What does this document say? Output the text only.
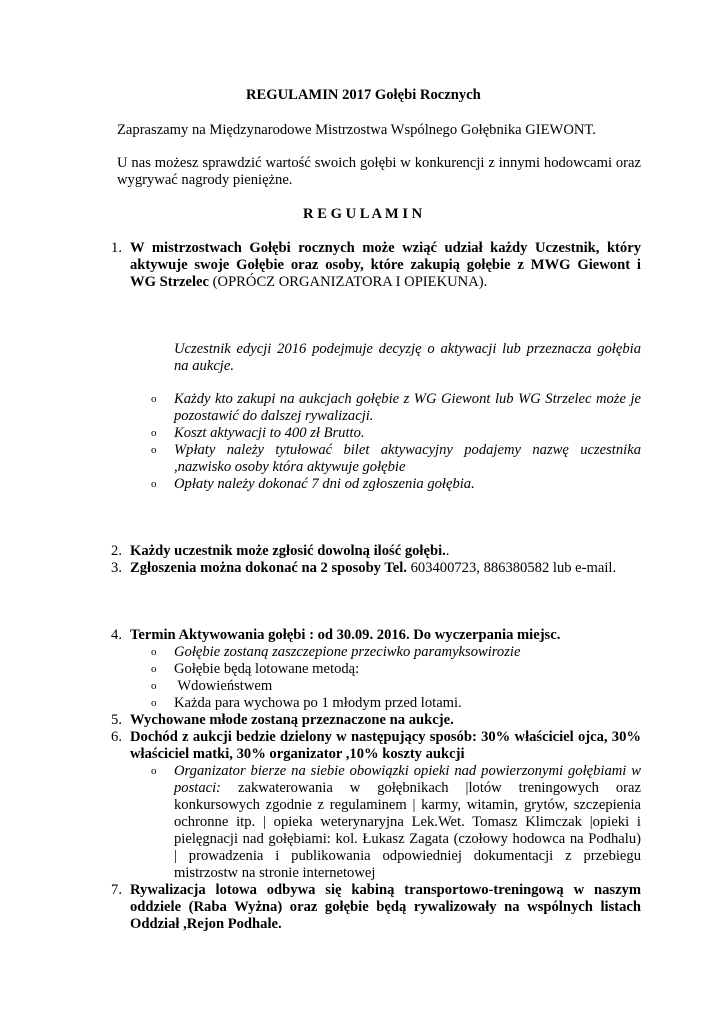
REGULAMIN 2017 Gołębi Rocznych
Zapraszamy na Międzynarodowe Mistrzostwa Wspólnego Gołębnika GIEWONT.
U nas możesz sprawdzić wartość swoich gołębi w konkurencji z innymi hodowcami oraz
wygrywać nagrody pieniężne.
R E G U L A M I N
1. W mistrzostwach Gołębi rocznych może wziąć udział każdy Uczestnik, który
aktywuje swoje Gołębie oraz osoby, które zakupią gołębie z MWG Giewont i
WG Strzelec (OPRÓCZ ORGANIZATORA I OPIEKUNA).
Uczestnik edycji 2016 podejmuje decyzję o aktywacji lub przeznacza gołębia
na aukcje.
o Każdy kto zakupi na aukcjach gołębie z WG Giewont lub WG Strzelec może je
pozostawić do dalszej rywalizacji.
o Koszt aktywacji to 400 zł Brutto.
o Wpłaty należy tytułować bilet aktywacyjny podajemy nazwę uczestnika
,nazwisko osoby która aktywuje gołębie
o Opłaty należy dokonać 7 dni od zgłoszenia gołębia.
2. Każdy uczestnik może zgłosić dowolną ilość gołębi..
3. Zgłoszenia można dokonać na 2 sposoby Tel. 603400723, 886380582 lub e-mail.
4. Termin Aktywowania gołębi : od 30.09. 2016. Do wyczerpania miejsc.
o Gołębie zostaną zaszczepione przeciwko paramyksowirozie
o Gołębie będą lotowane metodą:
o Wdowieństwem
o Każda para wychowa po 1 młodym przed lotami.
5. Wychowane młode zostaną przeznaczone na aukcje.
6. Dochód z aukcji bedzie dzielony w następujący sposób: 30% właściciel ojca, 30%
właściciel matki, 30% organizator ,10% koszty aukcji
o Organizator bierze na siebie obowiązki opieki nad powierzonymi gołębiami w
postaci: zakwaterowania w gołębnikach |lotów treningowych oraz
konkursowych zgodnie z regulaminem | karmy, witamin, grytów, szczepienia
ochronne itp. | opieka weterynaryjna Lek.Wet. Tomasz Klimczak |opieki i
pielęgnacji nad gołębiami: kol. Łukasz Zagata (czołowy hodowca na Podhalu)
| prowadzenia i publikowania odpowiedniej dokumentacji z przebiegu
mistrzostw na stronie internetowej
7. Rywalizacja lotowa odbywa się kabiną transportowo-treningową w naszym
oddziele (Raba Wyżna) oraz gołębie będą rywalizowały na wspólnych listach
Oddział ,Rejon Podhale.
